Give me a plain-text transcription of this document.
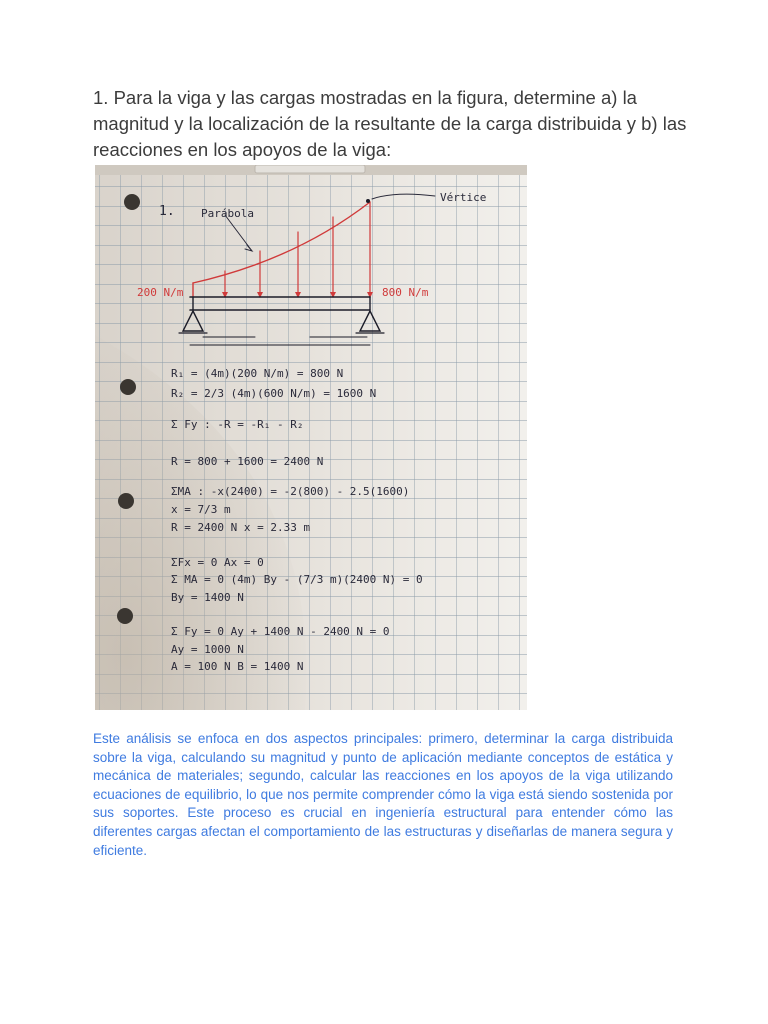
1. Para la viga y las cargas mostradas en la figura, determine a) la magnitud y la localización de la resultante de la carga distribuida y b) las reacciones en los apoyos de la viga:
1. Parábola
Vértice
200 N/m	800 N/m
R₁ = (4m)(200 N/m) = 800 N
R₂ = 2/3 (4m)(600 N/m) = 1600 N
Σ Fy : -R = -R₁ - R₂
R = 800 + 1600 = 2400 N
ΣMA : -x(2400) = -2(800) - 2.5(1600)
x = 7/3 m
R = 2400 N x = 2.33 m
ΣFx = 0 Ax = 0
Σ MA = 0 (4m) By - (7/3 m)(2400 N) = 0
By = 1400 N
Σ Fy = 0 Ay + 1400 N - 2400 N = 0
Ay = 1000 N
A = 100 N B = 1400 N

Este análisis se enfoca en dos aspectos principales: primero, determinar la carga distribuida sobre la viga, calculando su magnitud y punto de aplicación mediante conceptos de estática y mecánica de materiales; segundo, calcular las reacciones en los apoyos de la viga utilizando ecuaciones de equilibrio, lo que nos permite comprender cómo la viga está siendo sostenida por sus soportes. Este proceso es crucial en ingeniería estructural para entender cómo las diferentes cargas afectan el comportamiento de las estructuras y diseñarlas de manera segura y eficiente.
